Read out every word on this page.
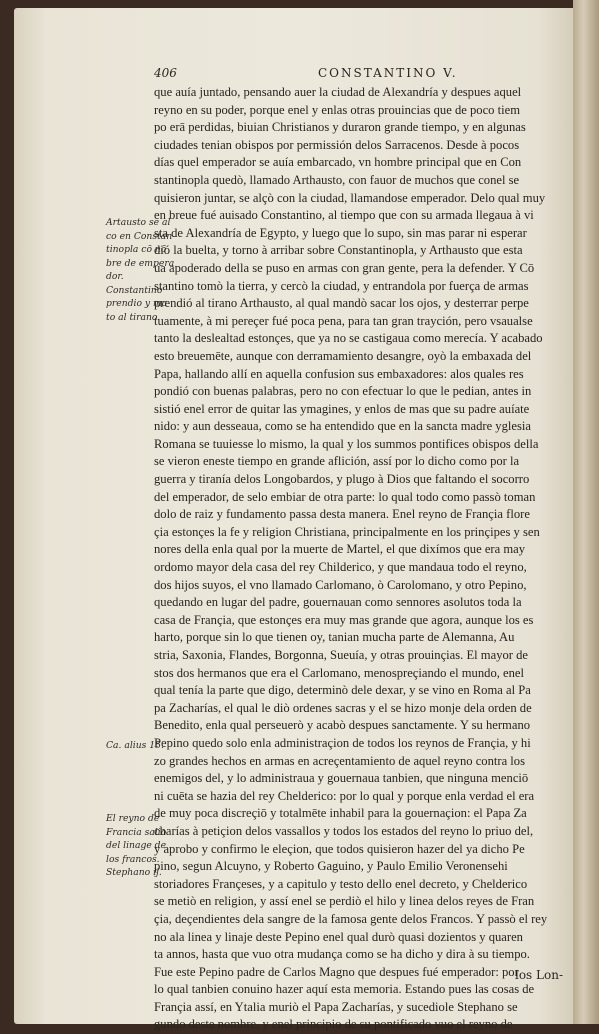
406	CONSTANTINO V.

que auía juntado, pensando auer la ciudad de Alexandría y despues aquel

reyno en su poder, porque enel y enlas otras prouincias que de poco tiem

po erā perdidas, biuian Christianos y duraron grande tiempo, y en algunas

ciudades tenian obispos por permissión delos Sarracenos. Desde à pocos

días quel emperador se auía embarcado, vn hombre principal que en Con

stantinopla quedò, llamado Arthausto, con fauor de muchos que conel se

quisieron juntar, se alçò con la ciudad, llamandose emperador. Delo qual muy

en breue fué auisado Constantino, al tiempo que con su armada llegaua à vi

sta de Alexandría de Egypto, y luego que lo supo, sin mas parar ni esperar

dió la buelta, y torno à arribar sobre Constantinopla, y Arthausto que esta

ua apoderado della se puso en armas con gran gente, pera la defender. Y Cō

stantino tomò la tierra, y cercò la ciudad, y entrandola por fuerça de armas

prendió al tirano Arthausto, al qual mandò sacar los ojos, y desterrar perpe

tuamente, à mi pereçer fué poca pena, para tan gran trayción, pero vsaualse

tanto la deslealtad estonçes, que ya no se castigaua como merecía. Y acabado

esto breuemēte, aunque con derramamiento desangre, oyò la embaxada del

Papa, hallando allí en aquella confusion sus embaxadores: alos quales res

pondió con buenas palabras, pero no con efectuar lo que le pedian, antes in

sistió enel error de quitar las ymagines, y enlos de mas que su padre auíate

nido: y aun desseaua, como se ha entendido que en la sancta madre yglesia

Romana se tuuiesse lo mismo, la qual y los summos pontifices obispos della

se vieron eneste tiempo en grande aflición, assí por lo dicho como por la

guerra y tiranía delos Longobardos, y plugo à Dios que faltando el socorro

del emperador, de selo embiar de otra parte: lo qual todo como passò toman

dolo de raiz y fundamento passa desta manera. Enel reyno de Françia flore

çia estonçes la fe y religion Christiana, principalmente en los prinçipes y sen

nores della enla qual por la muerte de Martel, el que dixímos que era may

ordomo mayor dela casa del rey Childerico, y que mandaua todo el reyno,

dos hijos suyos, el vno llamado Carlomano, ò Carolomano, y otro Pepino,

quedando en lugar del padre, gouernauan como sennores asolutos toda la

casa de Françia, que estonçes era muy mas grande que agora, aunque los es

harto, porque sin lo que tienen oy, tanian mucha parte de Alemanna, Au

stria, Saxonia, Flandes, Borgonna, Sueuía, y otras prouinçias. El mayor de

stos dos hermanos que era el Carlomano, menospreçiando el mundo, enel

qual tenía la parte que digo, determinò dele dexar, y se vino en Roma al Pa

pa Zacharías, el qual le diò ordenes sacras y el se hizo monje dela orden de

Benedito, enla qual perseuerò y acabò despues sanctamente. Y su hermano

Pepino quedo solo enla administraçion de todos los reynos de Françia, y hi

zo grandes hechos en armas en acreçentamiento de aquel reyno contra los

enemigos del, y lo administraua y gouernaua tanbien, que ninguna menciō

ni cuēta se hazia del rey Chelderico: por lo qual y porque enla verdad el era

de muy poca discreçiō y totalmēte inhabil para la gouernaçion: el Papa Za

charías à petiçion delos vassallos y todos los estados del reyno lo priuo del,

y aprobo y confirmo le eleçion, que todos quisieron hazer del ya dicho Pe

pino, segun Alcuyno, y Roberto Gaguino, y Paulo Emilio Veronensehi

storiadores Françeses, y a capitulo y testo dello enel decreto, y Chelderico

se metiò en religion, y assí enel se perdiò el hilo y linea delos reyes de Fran

çia, deçendientes dela sangre de la famosa gente delos Francos. Y passò el rey

no ala linea y linaje deste Pepino enel qual durò quasi dozientos y quaren

ta annos, hasta que vuo otra mudança como se ha dicho y dira à su tiempo.

Fue este Pepino padre de Carlos Magno que despues fué emperador: por

lo qual tanbien conuino hazer aquí esta memoria. Estando pues las cosas de

Françia assí, en Ytalia muriò el Papa Zacharías, y sucediole Stephano se

gundo deste nombre, y enel principio de su pontificado vuo el reyno de

Artausto se al
co en Constan
tinopla cō nō
bre de empera
dor.
Constantino
prendio y ma
to al tirano.
Ca. alius 15.
El reyno de
Francia salio
del linage de
los francos.
Stephano ij.
los Lon-
